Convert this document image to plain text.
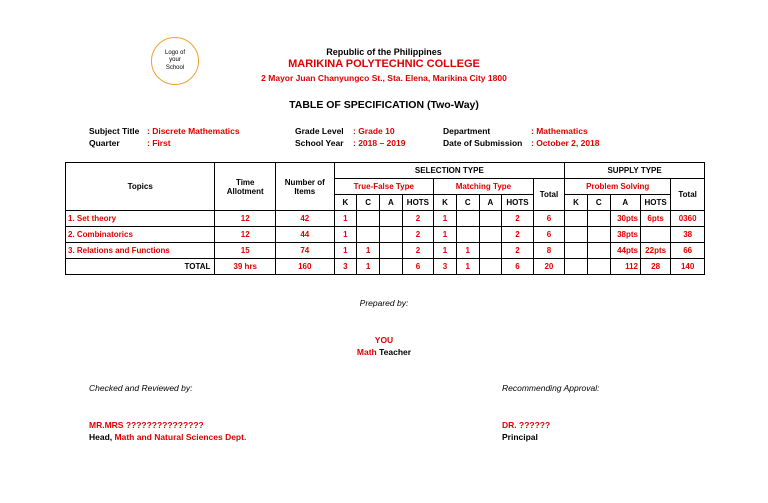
Logo of
your
School
Republic of the Philippines
MARIKINA POLYTECHNIC COLLEGE
2 Mayor Juan Chanyungco St., Sta. Elena, Marikina City 1800
TABLE OF SPECIFICATION (Two-Way)
Subject Title : Discrete Mathematics
Quarter	: First
Grade Level : Grade 10
School Year : 2018 – 2019
Department	: Mathematics
Date of Submission : October 2, 2018
Topics	Time Allotment	Number of Items	SELECTION TYPE									SUPPLY TYPE				
			True-False Type				Matching Type				Total	Problem Solving				Total
			K	C	A	HOTS	K	C	A	HOTS		K	C	A	HOTS	
1. Set theory	12	42	1			2	1			2	6			30pts	6pts	0360
2. Combinatorics	12	44	1			2	1			2	6			38pts		38
3. Relations and Functions	15	74	1	1		2	1	1		2	8			44pts	22pts	66
TOTAL	39 hrs	160	3	1		6	3	1		6	20			112	28	140
Prepared by:
YOU
Math Teacher
Checked and Reviewed by:
MR.MRS ???????????????
Head, Math and Natural Sciences Dept.
Recommending Approval:
DR. ??????
Principal
